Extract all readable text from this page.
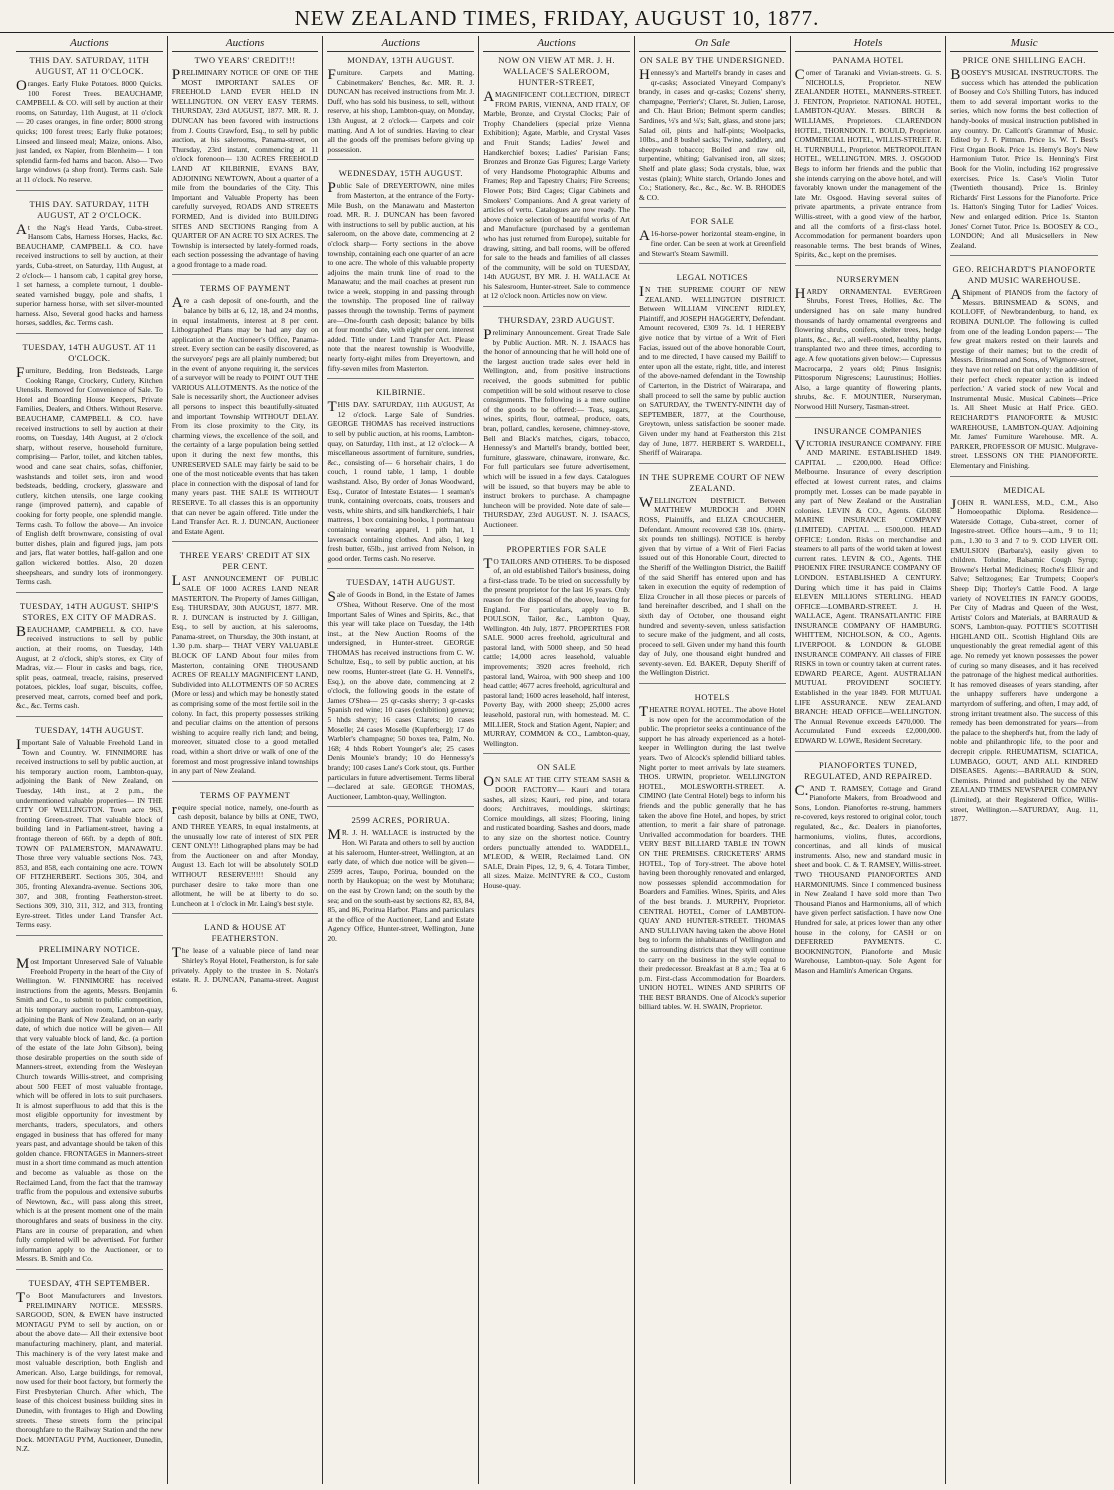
NEW ZEALAND TIMES, FRIDAY, AUGUST 10, 1877.
Auctions
THIS DAY. SATURDAY, 11TH AUGUST, AT 11 O'CLOCK.

Oranges. Early Fluke Potatoes. 8000 Quicks. 100 Forest Trees. BEAUCHAMP, CAMPBELL & CO. will sell by auction at their rooms, on Saturday, 11th August, at 11 o'clock— 20 cases oranges, in fine order; 8000 strong quicks; 100 forest trees; Early fluke potatoes; Linseed and linseed meal; Maize, onions. Also, just landed, ex Napier, from Blenheim— 1 ton splendid farm-fed hams and bacon. Also— Two large windows (a shop front). Terms cash. Sale at 11 o'clock. No reserve.

THIS DAY. SATURDAY, 11TH AUGUST, AT 2 O'CLOCK.

At the Nag's Head Yards, Cuba-street. Hansom Cabs, Harness Horses, Hacks, &c. BEAUCHAMP, CAMPBELL & CO. have received instructions to sell by auction, at their yards, Cuba-street, on Saturday, 11th August, at 2 o'clock— 1 hansom cab, 1 capital grey horse, 1 set harness, a complete turnout, 1 double-seated varnished buggy, pole and shafts, 1 superior harness horse, with set silver-mounted harness. Also, Several good hacks and harness horses, saddles, &c. Terms cash.

TUESDAY, 14TH AUGUST. AT 11 O'CLOCK.

Furniture, Bedding, Iron Bedsteads, Large Cooking Range, Crockery, Cutlery, Kitchen Utensils. Removed for Convenience of Sale. To Hotel and Boarding House Keepers, Private Families, Dealers, and Others. Without Reserve. BEAUCHAMP, CAMPBELL & CO. have received instructions to sell by auction at their rooms, on Tuesday, 14th August, at 2 o'clock sharp, without reserve, household furniture, comprising— Parlor, toilet, and kitchen tables, wood and cane seat chairs, sofas, chiffonier, washstands and toilet sets, iron and wood bedsteads, bedding, crockery, glassware and cutlery, kitchen utensils, one large cooking range (improved pattern), and capable of cooking for forty people, one splendid mangle. Terms cash. To follow the above— An invoice of English delft brownware, consisting of oval butter dishes, plain and figured jugs, jam pots and jars, flat water bottles, half-gallon and one gallon wickered bottles. Also, 20 dozen sheepshears, and sundry lots of ironmongery. Terms cash.

TUESDAY, 14TH AUGUST. SHIP'S STORES, EX CITY OF MADRAS.

BEAUCHAMP, CAMPBELL & CO. have received instructions to sell by public auction, at their rooms, on Tuesday, 14th August, at 2 o'clock, ship's stores, ex City of Madras, viz.— Flour in casks and bags, rice, split peas, oatmeal, treacle, raisins, preserved potatoes, pickles, loaf sugar, biscuits, coffee, preserved meat, carrots, corned beef and pork, &c., &c. Terms cash.

TUESDAY, 14TH AUGUST.

Important Sale of Valuable Freehold Land in Town and Country. W. FINNIMORE has received instructions to sell by public auction, at his temporary auction room, Lambton-quay, adjoining the Bank of New Zealand, on Tuesday, 14th inst., at 2 p.m., the undermentioned valuable properties— IN THE CITY OF WELLINGTON. Town acre 963, fronting Green-street. That valuable block of building land in Parliament-street, having a frontage thereon of 66ft. by a depth of 80ft. TOWN OF PALMERSTON, MANAWATU. Those three very valuable sections Nos. 743, 853, and 858, each containing one acre. TOWN OF FITZHERBERT. Sections 305, 304, and 305, fronting Alexandra-avenue. Sections 306, 307, and 308, fronting Featherston-street. Sections 309, 310, 311, 312, and 313, fronting Eyre-street. Titles under Land Transfer Act. Terms easy.

PRELIMINARY NOTICE.

Most Important Unreserved Sale of Valuable Freehold Property in the heart of the City of Wellington. W. FINNIMORE has received instructions from the agents, Messrs. Benjamin Smith and Co., to submit to public competition, at his temporary auction room, Lambton-quay, adjoining the Bank of New Zealand, on an early date, of which due notice will be given— All that very valuable block of land, &c. (a portion of the estate of the late John Gibson), being those desirable properties on the south side of Manners-street, extending from the Wesleyan Church towards Willis-street, and comprising about 500 FEET of most valuable frontage, which will be offered in lots to suit purchasers. It is almost superfluous to add that this is the most eligible opportunity for investment by merchants, traders, speculators, and others engaged in business that has offered for many years past, and advantage should be taken of this golden chance. FRONTAGES in Manners-street must in a short time command as much attention and become as valuable as those on the Reclaimed Land, from the fact that the tramway traffic from the populous and extensive suburbs of Newtown, &c., will pass along this street, which is at the present moment one of the main thoroughfares and seats of business in the city. Plans are in course of preparation, and when fully completed will be advertised. For further information apply to the Auctioneer, or to Messrs. B. Smith and Co.

TUESDAY, 4TH SEPTEMBER.

To Boot Manufacturers and Investors. PRELIMINARY NOTICE. MESSRS. SARGOOD, SON, & EWEN have instructed MONTAGU PYM to sell by auction, on or about the above date— All their extensive boot manufacturing machinery, plant, and material. This machinery is of the very latest make and most valuable description, both English and American. Also, Large buildings, for removal, now used for their boot factory, but formerly the First Presbyterian Church. After which, The lease of this choicest business building sites in Dunedin, with frontages to High and Dowling streets. These streets form the principal thoroughfare to the Railway Station and the new Dock. MONTAGU PYM, Auctioneer, Dunedin, N.Z.

Auctions
TWO YEARS' CREDIT!!!

PRELIMINARY NOTICE OF ONE OF THE MOST IMPORTANT SALES OF FREEHOLD LAND EVER HELD IN WELLINGTON. ON VERY EASY TERMS. THURSDAY, 23rd AUGUST, 1877. MR. R. J. DUNCAN has been favored with instructions from J. Coutts Crawford, Esq., to sell by public auction, at his salerooms, Panama-street, on Thursday, 23rd instant, commencing at 11 o'clock forenoon— 130 ACRES FREEHOLD LAND AT KILBIRNIE, EVANS BAY, ADJOINING NEWTOWN, About a quarter of a mile from the boundaries of the City. This Important and Valuable Property has been carefully surveyed, ROADS AND STREETS FORMED, And is divided into BUILDING SITES AND SECTIONS Ranging from A QUARTER OF AN ACRE TO SIX ACRES. The Township is intersected by lately-formed roads, each section possessing the advantage of having a good frontage to a made road.

TERMS OF PAYMENT

Are a cash deposit of one-fourth, and the balance by bills at 6, 12, 18, and 24 months, in equal instalments, interest at 8 per cent. Lithographed Plans may be had any day on application at the Auctioneer's Office, Panama-street. Every section can be easily discovered, as the surveyors' pegs are all plainly numbered; but in the event of anyone requiring it, the services of a surveyor will be ready to POINT OUT THE VARIOUS ALLOTMENTS. As the notice of the Sale is necessarily short, the Auctioneer advises all persons to inspect this beautifully-situated and important Township WITHOUT DELAY. From its close proximity to the City, its charming views, the excellence of the soil, and the certainty of a large population being settled upon it during the next few months, this UNRESERVED SALE may fairly be said to be one of the most noticeable events that has taken place in connection with the disposal of land for many years past. THE SALE IS WITHOUT RESERVE. To all classes this is an opportunity that can never be again offered. Title under the Land Transfer Act. R. J. DUNCAN, Auctioneer and Estate Agent.

THREE YEARS' CREDIT AT SIX PER CENT.

LAST ANNOUNCEMENT OF PUBLIC SALE OF 1000 ACRES LAND NEAR MASTERTON. The Property of James Gilligan, Esq. THURSDAY, 30th AUGUST, 1877. MR. R. J. DUNCAN is instructed by J. Gilligan, Esq., to sell by auction, at his salerooms, Panama-street, on Thursday, the 30th instant, at 1.30 p.m. sharp— THAT VERY VALUABLE BLOCK OF LAND About four miles from Masterton, containing ONE THOUSAND ACRES OF REALLY MAGNIFICENT LAND, Subdivided into ALLOTMENTS OF 50 ACRES (More or less) and which may be honestly stated as comprising some of the most fertile soil in the colony. In fact, this property possesses striking and peculiar claims on the attention of persons wishing to acquire really rich land; and being, moreover, situated close to a good metalled road, within a short drive or walk of one of the foremost and most progressive inland townships in any part of New Zealand.

TERMS OF PAYMENT

require special notice, namely, one-fourth as cash deposit, balance by bills at ONE, TWO, AND THREE YEARS, In equal instalments, at the unusually low rate of interest of SIX PER CENT ONLY!! Lithographed plans may be had from the Auctioneer on and after Monday, August 13. Each lot will be absolutely SOLD WITHOUT RESERVE!!!!! Should any purchaser desire to take more than one allotment, he will be at liberty to do so. Luncheon at 1 o'clock in Mr. Laing's best style.

LAND & HOUSE AT FEATHERSTON.

The lease of a valuable piece of land near Shirley's Royal Hotel, Featherston, is for sale privately. Apply to the trustee in S. Nolan's estate. R. J. DUNCAN, Panama-street. August 6.

Auctions
MONDAY, 13TH AUGUST.

Furniture. Carpets and Matting. Cabinetmakers' Benches, &c. MR. R. J. DUNCAN has received instructions from Mr. J. Duff, who has sold his business, to sell, without reserve, at his shop, Lambton-quay, on Monday, 13th August, at 2 o'clock— Carpets and coir matting. And A lot of sundries. Having to clear all the goods off the premises before giving up possession.

WEDNESDAY, 15TH AUGUST.

Public Sale of DREYERTOWN, nine miles from Masterton, at the entrance of the Forty-Mile Bush, on the Manawatu and Masterton road. MR. R. J. DUNCAN has been favored with instructions to sell by public auction, at his saleroom, on the above date, commencing at 2 o'clock sharp— Forty sections in the above township, containing each one quarter of an acre to one acre. The whole of this valuable property adjoins the main trunk line of road to the Manawatu; and the mail coaches at present run twice a week, stopping in and passing through the township. The proposed line of railway passes through the township. Terms of payment are—One-fourth cash deposit; balance by bills at four months' date, with eight per cent. interest added. Title under Land Transfer Act. Please note that the nearest township is Woodville, nearly forty-eight miles from Dreyertown, and fifty-seven miles from Masterton.

KILBIRNIE.

THIS DAY. SATURDAY, 11th AUGUST, At 12 o'clock. Large Sale of Sundries. GEORGE THOMAS has received instructions to sell by public auction, at his rooms, Lambton-quay, on Saturday, 11th inst., at 12 o'clock— A miscellaneous assortment of furniture, sundries, &c., consisting of— 6 horsehair chairs, 1 do couch, 1 round table, 1 lamp, 1 double washstand. Also, By order of Jonas Woodward, Esq., Curator of Intestate Estates— 1 seaman's trunk, containing overcoats, coats, trousers and vests, white shirts, and silk handkerchiefs, 1 hair mattress, 1 box containing books, 1 portmanteau containing wearing apparel, 1 pith hat, 1 lavensack containing clothes. And also, 1 keg fresh butter, 65lb., just arrived from Nelson, in good order. Terms cash. No reserve.

TUESDAY, 14TH AUGUST.

Sale of Goods in Bond, in the Estate of James O'Shea, Without Reserve. One of the most Important Sales of Wines and Spirits, &c., that this year will take place on Tuesday, the 14th inst., at the New Auction Rooms of the undersigned, in Hunter-street. GEORGE THOMAS has received instructions from C. W. Schultze, Esq., to sell by public auction, at his new rooms, Hunter-street (late G. H. Vennell's, Esq.), on the above date, commencing at 2 o'clock, the following goods in the estate of James O'Shea— 25 qr-casks sherry; 3 qr-casks Spanish red wine; 10 cases (exhibition) geneva; 5 hhds sherry; 16 cases Clarets; 10 cases Moselle; 24 cases Moselle (Kupferberg); 17 do Warbler's champagne; 50 boxes tea, Palm, No. 168; 4 hhds Robert Younger's ale; 25 cases Denis Mounie's brandy; 10 do Hennessy's brandy; 100 cases Lane's Cork stout, qts. Further particulars in future advertisement. Terms liberal—declared at sale. GEORGE THOMAS, Auctioneer, Lambton-quay, Wellington.

2599 ACRES, PORIRUA.

MR. J. H. WALLACE is instructed by the Hon. Wi Parata and others to sell by auction at his saleroom, Hunter-street, Wellington, at an early date, of which due notice will be given— 2599 acres, Taupo, Porirua, bounded on the north by Haukopua; on the west by Motuhara; on the east by Crown land; on the south by the sea; and on the south-east by sections 82, 83, 84, 85, and 86, Porirua Harbor. Plans and particulars at the office of the Auctioneer, Land and Estate Agency Office, Hunter-street, Wellington, June 20.

Auctions
NOW ON VIEW AT MR. J. H. WALLACE'S SALEROOM, HUNTER-STREET,

AMAGNIFICENT COLLECTION, DIRECT FROM PARIS, VIENNA, AND ITALY, OF Marble, Bronze, and Crystal Clocks; Pair of Trophy Chandeliers (special prize Vienna Exhibition); Agate, Marble, and Crystal Vases and Fruit Stands; Ladies' Jewel and Handkerchief boxes; Ladies' Parisian Fans; Bronzes and Bronze Gas Figures; Large Variety of very Handsome Photographic Albums and Frames; Rep and Tapestry Chairs; Fire Screens; Flower Pots; Bird Cages; Cigar Cabinets and Smokers' Companions. And A great variety of articles of vertu. Catalogues are now ready. The above choice selection of beautiful works of Art and Manufacture (purchased by a gentleman who has just returned from Europe), suitable for drawing, sitting, and ball rooms, will be offered for sale to the heads and families of all classes of the community, will be sold on TUESDAY, 14th AUGUST, BY MR. J. H. WALLACE At his Salesroom, Hunter-street. Sale to commence at 12 o'clock noon. Articles now on view.

THURSDAY, 23RD AUGUST.

Preliminary Announcement. Great Trade Sale by Public Auction. MR. N. J. ISAACS has the honor of announcing that he will hold one of the largest auction trade sales ever held in Wellington, and, from positive instructions received, the goods submitted for public competition will be sold without reserve to close consignments. The following is a mere outline of the goods to be offered:— Teas, sugars, wines, spirits, flour, oatmeal, produce, oats, bran, pollard, candles, kerosene, chimney-stove, Bell and Black's matches, cigars, tobacco, Hennessy's and Martell's brandy, bottled beer, furniture, glassware, chinaware, ironware, &c. For full particulars see future advertisement, which will be issued in a few days. Catalogues will be issued, so that buyers may be able to instruct brokers to purchase. A champagne luncheon will be provided. Note date of sale— THURSDAY, 23rd AUGUST. N. J. ISAACS, Auctioneer.

PROPERTIES FOR SALE

TO TAILORS AND OTHERS. To be disposed of, an old established Tailor's business, doing a first-class trade. To be tried on successfully by the present proprietor for the last 16 years. Only reason for the disposal of the above, leaving for England. For particulars, apply to B. POULSON, Tailor, &c., Lambton Quay, Wellington. 4th July, 1877. PROPERTIES FOR SALE. 9000 acres freehold, agricultural and pastoral land, with 5000 sheep, and 50 head cattle; 14,000 acres leasehold, valuable improvements; 3920 acres freehold, rich pastoral land, Wairoa, with 900 sheep and 100 head cattle; 4677 acres freehold, agricultural and pastoral land; 1600 acres leasehold, half interest, Poverty Bay, with 2000 sheep; 25,000 acres leasehold, pastoral run, with homestead. M. C. MILLIER, Stock and Station Agent, Napier; and MURRAY, COMMON & CO., Lambton-quay, Wellington.

ON SALE

ON SALE AT THE CITY STEAM SASH & DOOR FACTORY— Kauri and totara sashes, all sizes; Kauri, red pine, and totara doors; Architraves, mouldings, skirtings; Cornice mouldings, all sizes; Flooring, lining and rusticated boarding. Sashes and doors, made to any size on the shortest notice. Country orders punctually attended to. WADDELL, M'LEOD, & WEIR, Reclaimed Land. ON SALE, Drain Pipes, 12, 9, 6, 4. Totara Timber, all sizes. Maize. McINTYRE & CO., Custom House-quay.

On Sale
ON SALE BY THE UNDERSIGNED.

Hennessy's and Martell's brandy in cases and qr-casks; Associated Vineyard Company's brandy, in cases and qr-casks; Cozens' sherry, champagne, 'Perrier's'; Claret, St. Julien, Larose, and Ch. Haut Brion; Belmont sperm candles; Sardines, ½'s and ¼'s; Salt, glass, and stone jars; Salad oil, pints and half-pints; Woolpacks, 10lbs., and 8 bushel sacks; Twine, saddlery, and sheepwash tobacco; Boiled and raw oil, turpentine, whiting; Galvanised iron, all sizes; Shelf and plate glass; Soda crystals, blue, wax vestas (plain); White starch, Orlando Jones and Co.; Stationery, &c., &c., &c. W. B. RHODES & CO.

FOR SALE

A16-horse-power horizontal steam-engine, in fine order. Can be seen at work at Greenfield and Stewart's Steam Sawmill.

LEGAL NOTICES

IN THE SUPREME COURT OF NEW ZEALAND. WELLINGTON DISTRICT. Between WILLIAM VINCENT RIDLEY, Plaintiff, and JOSEPH HAGGERTY, Defendant. Amount recovered, £309 7s. 1d. I HEREBY give notice that by virtue of a Writ of Fieri Facias, issued out of the above honorable Court, and to me directed, I have caused my Bailiff to enter upon all the estate, right, title, and interest of the above-named defendant in the Township of Carterton, in the District of Wairarapa, and shall proceed to sell the same by public auction on SATURDAY, the TWENTY-NINTH day of SEPTEMBER, 1877, at the Courthouse, Greytown, unless satisfaction be sooner made. Given under my hand at Featherston this 21st day of June, 1877. HERBERT S. WARDELL, Sheriff of Wairarapa.

IN THE SUPREME COURT OF NEW ZEALAND.

WELLINGTON DISTRICT. Between MATTHEW MURDOCH and JOHN ROSS, Plaintiffs, and ELIZA CROUCHER, Defendant. Amount recovered £38 10s. (thirty-six pounds ten shillings). NOTICE is hereby given that by virtue of a Writ of Fieri Facias issued out of this Honorable Court, directed to the Sheriff of the Wellington District, the Bailiff of the said Sheriff has entered upon and has taken in execution the equity of redemption of Eliza Croucher in all those pieces or parcels of land hereinafter described, and I shall on the sixth day of October, one thousand eight hundred and seventy-seven, unless satisfaction to secure make of the judgment, and all costs, proceed to sell. Given under my hand this fourth day of July, one thousand eight hundred and seventy-seven. Ed. BAKER, Deputy Sheriff of the Wellington District.

HOTELS

THEATRE ROYAL HOTEL. The above Hotel is now open for the accommodation of the public. The proprietor seeks a continuance of the support he has already experienced as a hotel-keeper in Wellington during the last twelve years. Two of Alcock's splendid billiard tables. Night porter to meet arrivals by late steamers. THOS. URWIN, proprietor. WELLINGTON HOTEL, MOLESWORTH-STREET. A. CIMINO (late Central Hotel) begs to inform his friends and the public generally that he has taken the above fine Hotel, and hopes, by strict attention, to merit a fair share of patronage. Unrivalled accommodation for boarders. THE VERY BEST BILLIARD TABLE IN TOWN ON THE PREMISES. CRICKETERS' ARMS HOTEL, Top of Tory-street. The above hotel having been thoroughly renovated and enlarged, now possesses splendid accommodation for Boarders and Families. Wines, Spirits, and Ales of the best brands. J. MURPHY, Proprietor. CENTRAL HOTEL, Corner of LAMBTON-QUAY AND HUNTER-STREET. THOMAS AND SULLIVAN having taken the above Hotel beg to inform the inhabitants of Wellington and the surrounding districts that they will continue to carry on the business in the style equal to their predecessor. Breakfast at 8 a.m.; Tea at 6 p.m. First-class Accommodation for Boarders. UNION HOTEL. WINES AND SPIRITS OF THE BEST BRANDS. One of Alcock's superior billiard tables. W. H. SWAIN, Proprietor.

Hotels
PANAMA HOTEL

Corner of Taranaki and Vivian-streets. G. S. NICHOLLS, Proprietor. NEW ZEALANDER HOTEL, MANNERS-STREET. J. FENTON, Proprietor. NATIONAL HOTEL, LAMBTON-QUAY. Messrs. BIRCH & WILLIAMS, Proprietors. CLARENDON HOTEL, THORNDON. T. BOULD, Proprietor. COMMERCIAL HOTEL, WILLIS-STREET. R. H. TURNBULL, Proprietor. METROPOLITAN HOTEL, WELLINGTON. MRS. J. OSGOOD Begs to inform her friends and the public that she intends carrying on the above hotel, and will favorably known under the management of the late Mr. Osgood. Having several suites of private apartments, a private entrance from Willis-street, with a good view of the harbor, and all the comforts of a first-class hotel. Accommodation for permanent boarders upon reasonable terms. The best brands of Wines, Spirits, &c., kept on the premises.

NURSERYMEN

HARDY ORNAMENTAL EVERGreen Shrubs, Forest Trees, Hollies, &c. The undersigned has on sale many hundred thousands of hardy ornamental evergreens and flowering shrubs, conifers, shelter trees, hedge plants, &c., &c., all well-rooted, healthy plants, transplanted two and three times, according to age. A few quotations given below:— Cupressus Macrocarpa, 2 years old; Pinus Insignis; Pittosporum Nigrescens; Laurustinus; Hollies. Also, a large quantity of flowering plants, shrubs, &c. F. MOUNTIER, Nurseryman, Norwood Hill Nursery, Tasman-street.

INSURANCE COMPANIES

VICTORIA INSURANCE COMPANY. FIRE AND MARINE. ESTABLISHED 1849. CAPITAL ... £200,000. Head Office: Melbourne. Insurance of every description effected at lowest current rates, and claims promptly met. Losses can be made payable in any part of New Zealand or the Australian colonies. LEVIN & CO., Agents. GLOBE MARINE INSURANCE COMPANY (LIMITED). CAPITAL ... £500,000. HEAD OFFICE: London. Risks on merchandise and steamers to all parts of the world taken at lowest current rates. LEVIN & CO., Agents. THE PHOENIX FIRE INSURANCE COMPANY OF LONDON. ESTABLISHED A CENTURY. During which time it has paid in Claims ELEVEN MILLIONS STERLING. HEAD OFFICE—LOMBARD-STREET. J. H. WALLACE, Agent. TRANSATLANTIC FIRE INSURANCE COMPANY OF HAMBURG. WHITTEM, NICHOLSON, & CO., Agents. LIVERPOOL & LONDON & GLOBE INSURANCE COMPANY. All classes of FIRE RISKS in town or country taken at current rates. EDWARD PEARCE, Agent. AUSTRALIAN MUTUAL PROVIDENT SOCIETY. Established in the year 1849. FOR MUTUAL LIFE ASSURANCE. NEW ZEALAND BRANCH: HEAD OFFICE—WELLINGTON. The Annual Revenue exceeds £470,000. The Accumulated Fund exceeds £2,000,000. EDWARD W. LOWE, Resident Secretary.

PIANOFORTES TUNED, REGULATED, AND REPAIRED.

C.AND T. RAMSEY, Cottage and Grand Pianoforte Makers, from Broadwood and Sons, London. Pianofortes re-strung, hammers re-covered, keys restored to original color, touch regulated, &c., &c. Dealers in pianofortes, harmoniums, violins, flutes, accordions, concertinas, and all kinds of musical instruments. Also, new and standard music in sheet and book. C. & T. RAMSEY, Willis-street. TWO THOUSAND PIANOFORTES AND HARMONIUMS. Since I commenced business in New Zealand I have sold more than Two Thousand Pianos and Harmoniums, all of which have given perfect satisfaction. I have now One Hundred for sale, at prices lower than any other house in the colony, for CASH or on DEFERRED PAYMENTS. C. BOOKNINGTON, Pianoforte and Music Warehouse, Lambton-quay. Sole Agent for Mason and Hamlin's American Organs.

Music
PRICE ONE SHILLING EACH.

BOOSEY'S MUSICAL INSTRUCTORS. The success which has attended the publication of Boosey and Co's Shilling Tutors, has induced them to add several important works to the series, which now forms the best collection of handy-books of musical instruction published in any country. Dr. Callcott's Grammar of Music. Edited by J. F. Pittman. Price 1s. W. T. Best's First Organ Book. Price 1s. Hemy's Boy's New Harmonium Tutor. Price 1s. Henning's First Book for the Violin, including 162 progressive exercises. Price 1s. Case's Violin Tutor (Twentieth thousand). Price 1s. Brinley Richards' First Lessons for the Pianoforte. Price 1s. Hatton's Singing Tutor for Ladies' Voices. New and enlarged edition. Price 1s. Stanton Jones' Cornet Tutor. Price 1s. BOOSEY & CO., LONDON; And all Musicsellers in New Zealand.

GEO. REICHARDT'S PIANOFORTE AND MUSIC WAREHOUSE.

AShipment of PIANOS from the factory of Messrs. BRINSMEAD & SONS, and KOLLOFF, of Newbrandenburg, to hand, ex ROBINA DUNLOP. The following is culled from one of the leading London papers:— 'The few great makers rested on their laurels and prestige of their names; but to the credit of Messrs. Brinsmead and Sons, of Wigmore-street, they have not relied on that only: the addition of their perfect check repeater action is indeed perfection.' A varied stock of new Vocal and Instrumental Music. Musical Cabinets—Price 1s. All Sheet Music at Half Price. GEO. REICHARDT'S PIANOFORTE & MUSIC WAREHOUSE, LAMBTON-QUAY. Adjoining Mr. James' Furniture Warehouse. MR. A. PARKER, PROFESSOR OF MUSIC. Mulgrave-street. LESSONS ON THE PIANOFORTE. Elementary and Finishing.

MEDICAL

JOHN R. WANLESS, M.D., C.M., Also Homoeopathic Diploma. Residence—Waterside Cottage, Cuba-street, corner of Ingestre-street. Office hours—a.m., 9 to 11; p.m., 1.30 to 3 and 7 to 9. COD LIVER OIL EMULSION (Barbara's), easily given to children. Tolutine, Balsamic Cough Syrup; Browne's Herbal Medicines; Roche's Elixir and Salve; Seltzogenes; Ear Trumpets; Cooper's Sheep Dip; Thorley's Cattle Food. A large variety of NOVELTIES IN FANCY GOODS, Per City of Madras and Queen of the West, Artists' Colors and Materials, at BARRAUD & SON'S, Lambton-quay. POTTIE'S SCOTTISH HIGHLAND OIL. Scottish Highland Oils are unquestionably the great remedial agent of this age. No remedy yet known possesses the power of curing so many diseases, and it has received the patronage of the highest medical authorities. It has removed diseases of years standing, after the unhappy sufferers have undergone a martyrdom of suffering, and often, I may add, of strong irritant treatment also. The success of this remedy has been demonstrated for years—from the palace to the shepherd's hut, from the lady of noble and philanthropic life, to the poor and decrepit cripple. RHEUMATISM, SCIATICA, LUMBAGO, GOUT, AND ALL KINDRED DISEASES. Agents:—BARRAUD & SON, Chemists. Printed and published by the NEW ZEALAND TIMES NEWSPAPER COMPANY (Limited), at their Registered Office, Willis-street, Wellington.—SATURDAY, Aug. 11, 1877.
